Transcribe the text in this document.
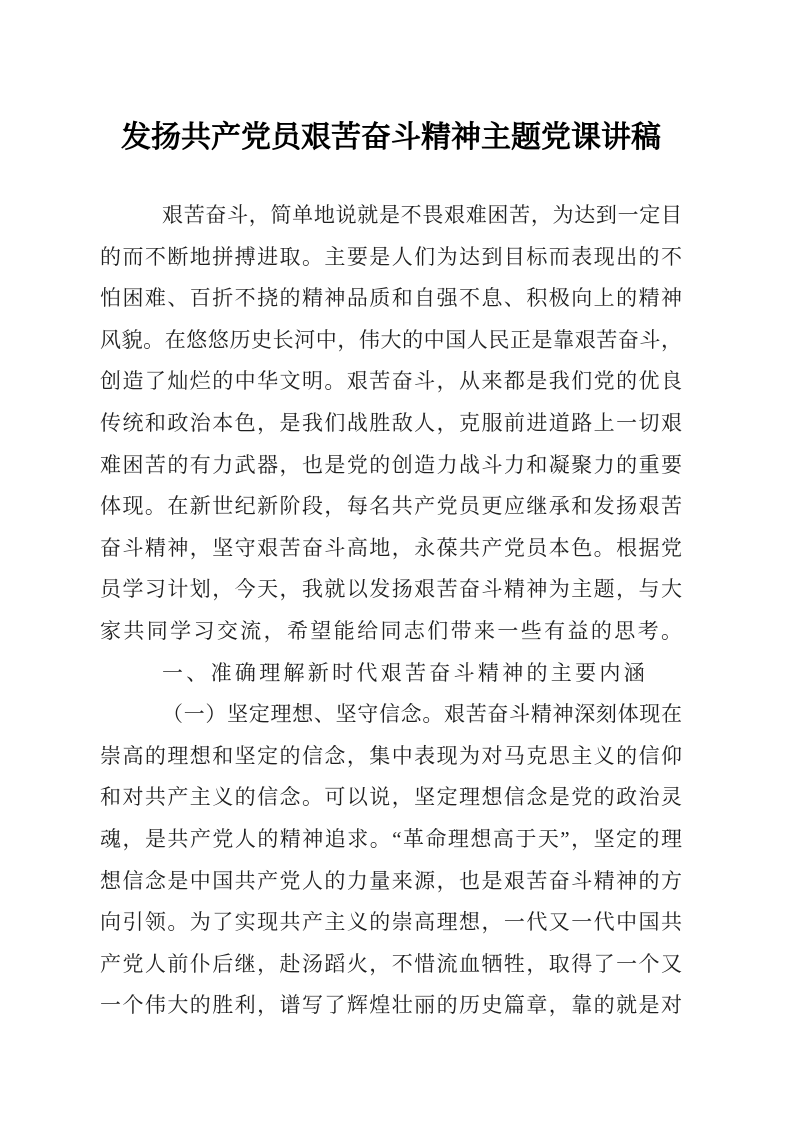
发扬共产党员艰苦奋斗精神主题党课讲稿
艰苦奋斗，简单地说就是不畏艰难困苦，为达到一定目
的而不断地拼搏进取。主要是人们为达到目标而表现出的不
怕困难、百折不挠的精神品质和自强不息、积极向上的精神
风貌。在悠悠历史长河中，伟大的中国人民正是靠艰苦奋斗，
创造了灿烂的中华文明。艰苦奋斗，从来都是我们党的优良
传统和政治本色，是我们战胜敌人，克服前进道路上一切艰
难困苦的有力武器，也是党的创造力战斗力和凝聚力的重要
体现。在新世纪新阶段，每名共产党员更应继承和发扬艰苦
奋斗精神，坚守艰苦奋斗高地，永葆共产党员本色。根据党
员学习计划，今天，我就以发扬艰苦奋斗精神为主题，与大
家共同学习交流，希望能给同志们带来一些有益的思考。
一、准确理解新时代艰苦奋斗精神的主要内涵
（一）坚定理想、坚守信念。艰苦奋斗精神深刻体现在
崇高的理想和坚定的信念，集中表现为对马克思主义的信仰
和对共产主义的信念。可以说，坚定理想信念是党的政治灵
魂，是共产党人的精神追求。“革命理想高于天”，坚定的理
想信念是中国共产党人的力量来源，也是艰苦奋斗精神的方
向引领。为了实现共产主义的崇高理想，一代又一代中国共
产党人前仆后继，赴汤蹈火，不惜流血牺牲，取得了一个又
一个伟大的胜利，谱写了辉煌壮丽的历史篇章，靠的就是对
